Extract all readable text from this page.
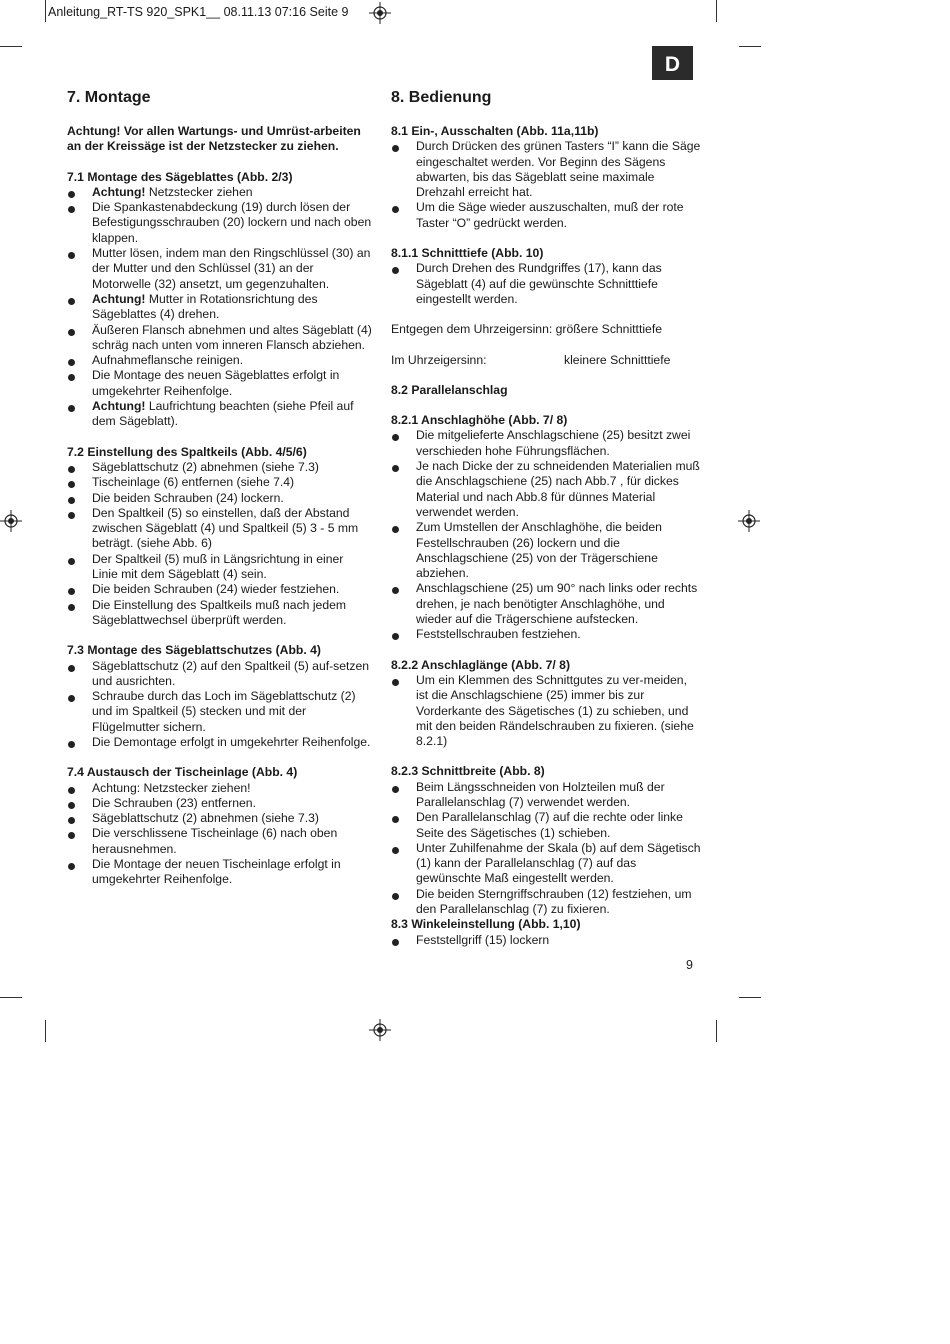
Anleitung_RT-TS 920_SPK1__ 08.11.13 07:16 Seite 9
D
7. Montage
Achtung! Vor allen Wartungs- und Umrüst-arbeiten an der Kreissäge ist der Netzstecker zu ziehen.
7.1 Montage des Sägeblattes (Abb. 2/3)
Achtung! Netzstecker ziehen
Die Spankastenabdeckung (19) durch lösen der Befestigungsschrauben (20) lockern und nach oben klappen.
Mutter lösen, indem man den Ringschlüssel (30) an der Mutter und den Schlüssel (31) an der Motorwelle (32) ansetzt, um gegenzuhalten.
Achtung! Mutter in Rotationsrichtung des Sägeblattes (4) drehen.
Äußeren Flansch abnehmen und altes Sägeblatt (4) schräg nach unten vom inneren Flansch abziehen.
Aufnahmeflansche reinigen.
Die Montage des neuen Sägeblattes erfolgt in umgekehrter Reihenfolge.
Achtung! Laufrichtung beachten (siehe Pfeil auf dem Sägeblatt).
7.2 Einstellung des Spaltkeils (Abb. 4/5/6)
Sägeblattschutz (2) abnehmen (siehe 7.3)
Tischeinlage (6) entfernen (siehe 7.4)
Die beiden Schrauben (24) lockern.
Den Spaltkeil (5) so einstellen, daß der Abstand zwischen Sägeblatt (4) und Spaltkeil (5) 3 - 5 mm beträgt. (siehe Abb. 6)
Der Spaltkeil (5) muß in Längsrichtung in einer Linie mit dem Sägeblatt (4) sein.
Die beiden Schrauben (24) wieder festziehen.
Die Einstellung des Spaltkeils muß nach jedem Sägeblattwechsel überprüft werden.
7.3 Montage des Sägeblattschutzes (Abb. 4)
Sägeblattschutz (2) auf den Spaltkeil (5) auf-setzen und ausrichten.
Schraube durch das Loch im Sägeblattschutz (2) und im Spaltkeil (5) stecken und mit der Flügelmutter sichern.
Die Demontage erfolgt in umgekehrter Reihenfolge.
7.4 Austausch der Tischeinlage (Abb. 4)
Achtung: Netzstecker ziehen!
Die Schrauben (23) entfernen.
Sägeblattschutz (2) abnehmen (siehe 7.3)
Die verschlissene Tischeinlage (6) nach oben herausnehmen.
Die Montage der neuen Tischeinlage erfolgt in umgekehrter Reihenfolge.
8. Bedienung
8.1 Ein-, Ausschalten (Abb. 11a,11b)
Durch Drücken des grünen Tasters “I” kann die Säge eingeschaltet werden. Vor Beginn des Sägens abwarten, bis das Sägeblatt seine maximale Drehzahl erreicht hat.
Um die Säge wieder auszuschalten, muß der rote Taster “O” gedrückt werden.
8.1.1 Schnitttiefe (Abb. 10)
Durch Drehen des Rundgriffes (17), kann das Sägeblatt (4) auf die gewünschte Schnitttiefe eingestellt werden.
Entgegen dem Uhrzeigersinn: größere Schnitttiefe
Im Uhrzeigersinn:	kleinere Schnitttiefe
8.2 Parallelanschlag
8.2.1 Anschlaghöhe (Abb. 7/ 8)
Die mitgelieferte Anschlagschiene (25) besitzt zwei verschieden hohe Führungsflächen.
Je nach Dicke der zu schneidenden Materialien muß die Anschlagschiene (25) nach Abb.7 , für dickes Material und nach Abb.8 für dünnes Material verwendet werden.
Zum Umstellen der Anschlaghöhe, die beiden Festellschrauben (26) lockern und die Anschlagschiene (25) von der Trägerschiene abziehen.
Anschlagschiene (25) um 90° nach links oder rechts drehen, je nach benötigter Anschlaghöhe, und wieder auf die Trägerschiene aufstecken.
Feststellschrauben festziehen.
8.2.2 Anschlaglänge (Abb. 7/ 8)
Um ein Klemmen des Schnittgutes zu ver-meiden, ist die Anschlagschiene (25) immer bis zur Vorderkante des Sägetisches (1) zu schieben, und mit den beiden Rändelschrauben zu fixieren. (siehe 8.2.1)
8.2.3 Schnittbreite (Abb. 8)
Beim Längsschneiden von Holzteilen muß der Parallelanschlag (7) verwendet werden.
Den Parallelanschlag (7) auf die rechte oder linke Seite des Sägetisches (1) schieben.
Unter Zuhilfenahme der Skala (b) auf dem Sägetisch (1) kann der Parallelanschlag (7) auf das gewünschte Maß eingestellt werden.
Die beiden Sterngriffschrauben (12) festziehen, um den Parallelanschlag (7) zu fixieren.
8.3 Winkeleinstellung (Abb. 1,10)
Feststellgriff (15) lockern
9
